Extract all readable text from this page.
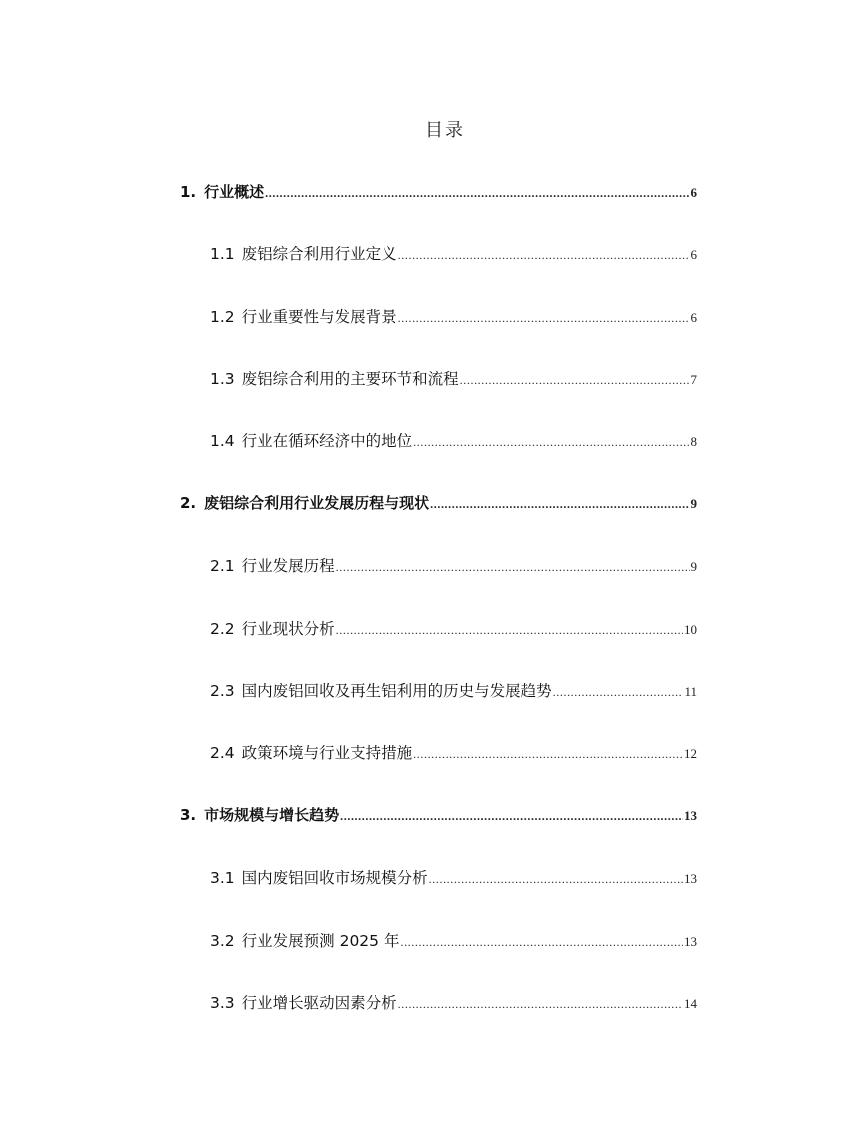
目录
1. 行业概述 .....	6
1.1 废铝综合利用行业定义 .....	6
1.2 行业重要性与发展背景 .....	6
1.3 废铝综合利用的主要环节和流程 .....	7
1.4 行业在循环经济中的地位 .....	8
2. 废铝综合利用行业发展历程与现状 .....	9
2.1 行业发展历程 .....	9
2.2 行业现状分析 .....	10
2.3 国内废铝回收及再生铝利用的历史与发展趋势 .....	11
2.4 政策环境与行业支持措施 .....	12
3. 市场规模与增长趋势 .....	13
3.1 国内废铝回收市场规模分析 .....	13
3.2 行业发展预测 2025 年 .....	13
3.3 行业增长驱动因素分析 .....	14
